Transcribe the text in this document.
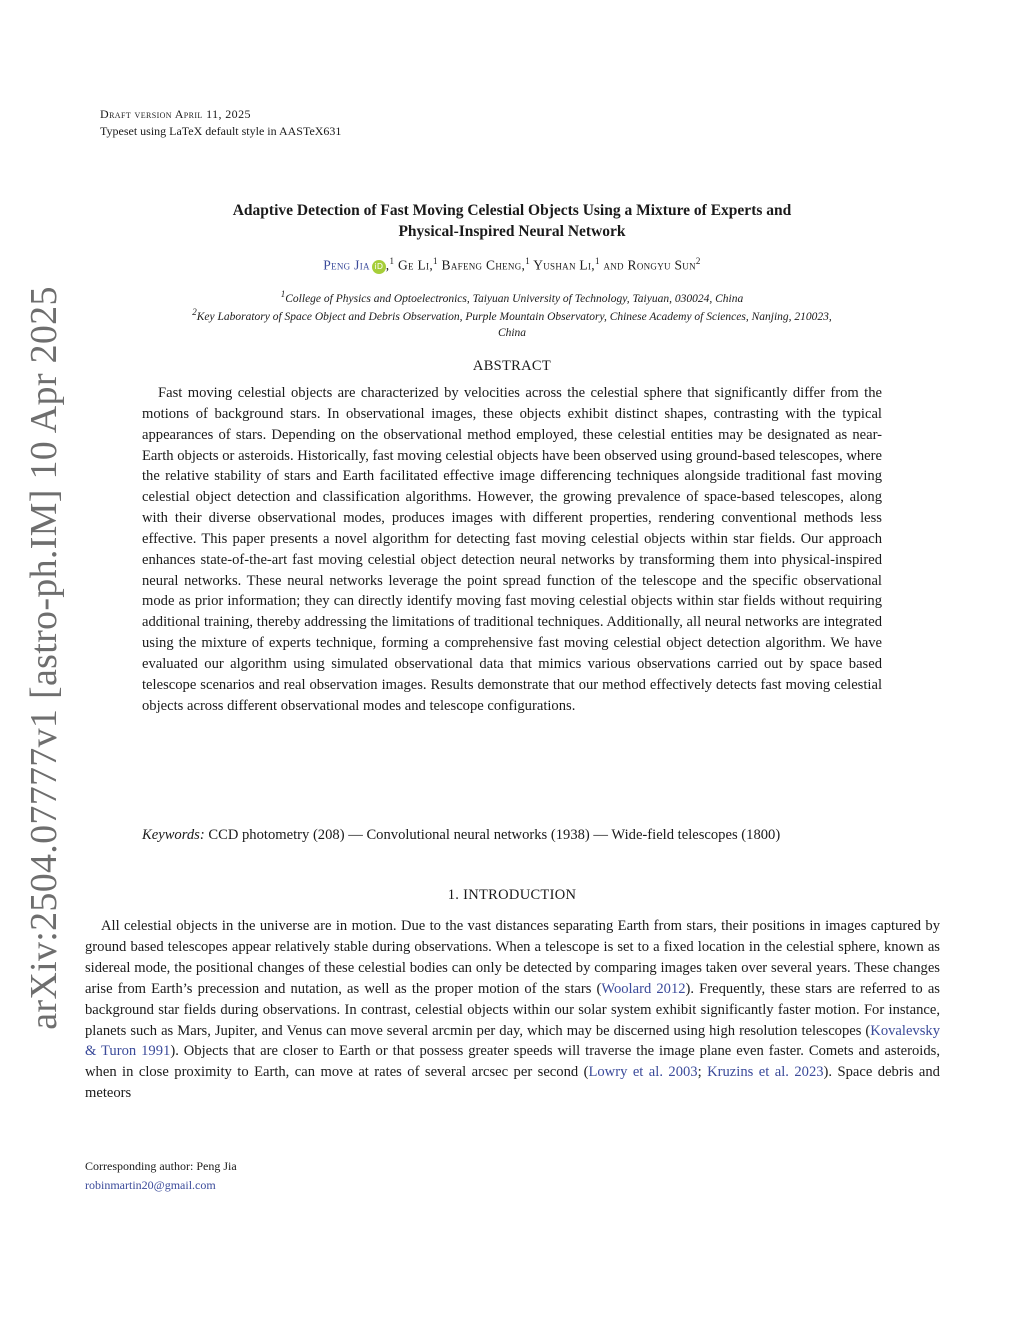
arXiv:2504.07777v1 [astro-ph.IM] 10 Apr 2025
Draft version April 11, 2025
Typeset using LaTeX default style in AASTeX631
Adaptive Detection of Fast Moving Celestial Objects Using a Mixture of Experts and
Physical-Inspired Neural Network
Peng Jia iD ,$^1$ Ge Li,$^1$ Bafeng Cheng,$^1$ Yushan Li,$^1$ and Rongyu Sun$^2$
$^1$College of Physics and Optoelectronics, Taiyuan University of Technology, Taiyuan, 030024, China
$^2$Key Laboratory of Space Object and Debris Observation, Purple Mountain Observatory, Chinese Academy of Sciences, Nanjing, 210023,
China
ABSTRACT
Fast moving celestial objects are characterized by velocities across the celestial sphere that significantly differ from the motions of background stars. In observational images, these objects exhibit distinct shapes, contrasting with the typical appearances of stars. Depending on the observational method employed, these celestial entities may be designated as near-Earth objects or asteroids. Historically, fast moving celestial objects have been observed using ground-based telescopes, where the relative stability of stars and Earth facilitated effective image differencing techniques alongside traditional fast moving celestial object detection and classification algorithms. However, the growing prevalence of space-based telescopes, along with their diverse observational modes, produces images with different properties, rendering conventional methods less effective. This paper presents a novel algorithm for detecting fast moving celestial objects within star fields. Our approach enhances state-of-the-art fast moving celestial object detection neural networks by transforming them into physical-inspired neural networks. These neural networks leverage the point spread function of the telescope and the specific observational mode as prior information; they can directly identify moving fast moving celestial objects within star fields without requiring additional training, thereby addressing the limitations of traditional techniques. Additionally, all neural networks are integrated using the mixture of experts technique, forming a comprehensive fast moving celestial object detection algorithm. We have evaluated our algorithm using simulated observational data that mimics various observations carried out by space based telescope scenarios and real observation images. Results demonstrate that our method effectively detects fast moving celestial objects across different observational modes and telescope configurations.
Keywords: CCD photometry (208) — Convolutional neural networks (1938) — Wide-field telescopes (1800)
1. INTRODUCTION
All celestial objects in the universe are in motion. Due to the vast distances separating Earth from stars, their positions in images captured by ground based telescopes appear relatively stable during observations. When a telescope is set to a fixed location in the celestial sphere, known as sidereal mode, the positional changes of these celestial bodies can only be detected by comparing images taken over several years. These changes arise from Earth’s precession and nutation, as well as the proper motion of the stars (Woolard 2012). Frequently, these stars are referred to as background star fields during observations. In contrast, celestial objects within our solar system exhibit significantly faster motion. For instance, planets such as Mars, Jupiter, and Venus can move several arcmin per day, which may be discerned using high resolution telescopes (Kovalevsky & Turon 1991). Objects that are closer to Earth or that possess greater speeds will traverse the image plane even faster. Comets and asteroids, when in close proximity to Earth, can move at rates of several arcsec per second (Lowry et al. 2003; Kruzins et al. 2023). Space debris and meteors
Corresponding author: Peng Jia
robinmartin20@gmail.com
